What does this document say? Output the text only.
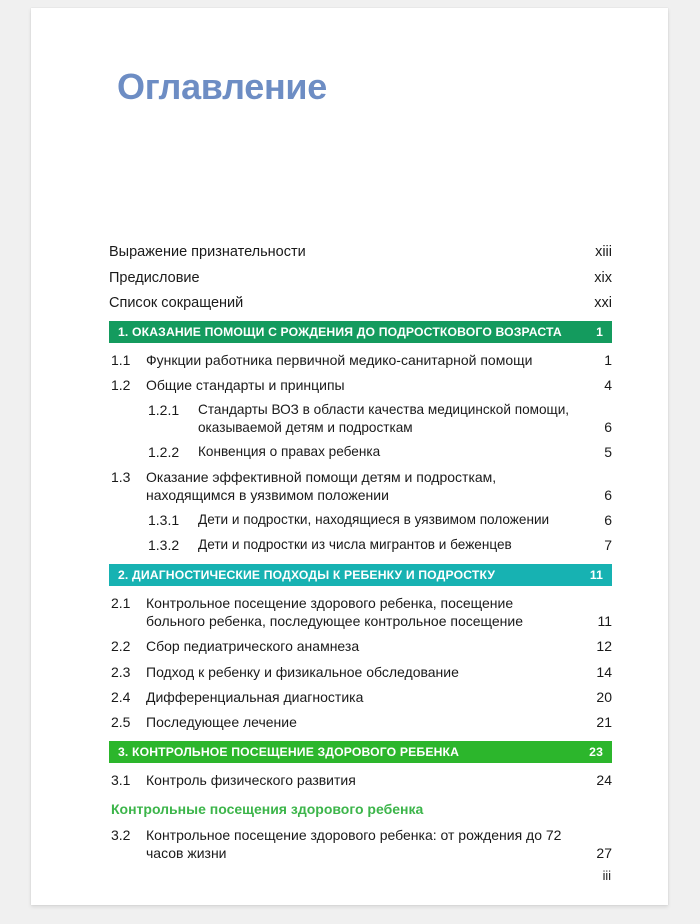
Оглавление
Выражение признательности	xiii
Предисловие	xix
Список сокращений	xxi
1. ОКАЗАНИЕ ПОМОЩИ С РОЖДЕНИЯ ДО ПОДРОСТКОВОГО ВОЗРАСТА	1
1.1	Функции работника первичной медико-санитарной помощи	1
1.2	Общие стандарты и принципы	4
1.2.1	Стандарты ВОЗ в области качества медицинской помощи, оказываемой детям и подросткам	6
1.2.2	Конвенция о правах ребенка	5
1.3	Оказание эффективной помощи детям и подросткам, находящимся в уязвимом положении	6
1.3.1	Дети и подростки, находящиеся в уязвимом положении	6
1.3.2	Дети и подростки из числа мигрантов и беженцев	7
2. ДИАГНОСТИЧЕСКИЕ ПОДХОДЫ К РЕБЕНКУ И ПОДРОСТКУ	11
2.1	Контрольное посещение здорового ребенка, посещение больного ребенка, последующее контрольное посещение	11
2.2	Сбор педиатрического анамнеза	12
2.3	Подход к ребенку и физикальное обследование	14
2.4	Дифференциальная диагностика	20
2.5	Последующее лечение	21
3. КОНТРОЛЬНОЕ ПОСЕЩЕНИЕ ЗДОРОВОГО РЕБЕНКА	23
3.1	Контроль физического развития	24
Контрольные посещения здорового ребенка
3.2	Контрольное посещение здорового ребенка: от рождения до 72 часов жизни	27
iii
